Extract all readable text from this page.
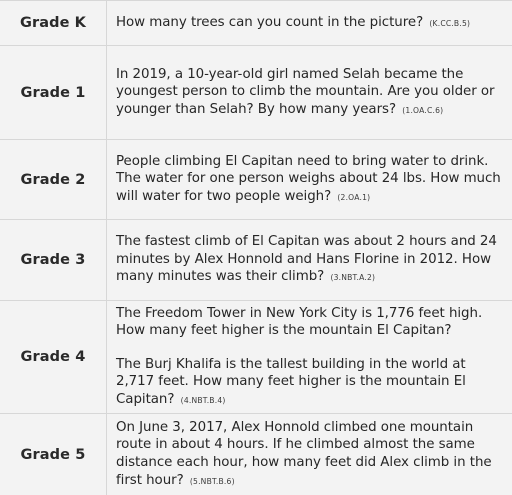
Grade K	How many trees can you count in the picture? (K.CC.B.5)

Grade 1

In 2019, a 10-year-old girl named Selah became the youngest person to climb the mountain. Are you older or younger than Selah? By how many years? (1.OA.C.6)

Grade 2

People climbing El Capitan need to bring water to drink. The water for one person weighs about 24 lbs. How much will water for two people weigh? (2.OA.1)

Grade 3

The fastest climb of El Capitan was about 2 hours and 24 minutes by Alex Honnold and Hans Florine in 2012. How many minutes was their climb? (3.NBT.A.2)

Grade 4

The Freedom Tower in New York City is 1,776 feet high. How many feet higher is the mountain El Capitan?

The Burj Khalifa is the tallest building in the world at 2,717 feet. How many feet higher is the mountain El Capitan? (4.NBT.B.4)

Grade 5

On June 3, 2017, Alex Honnold climbed one mountain route in about 4 hours. If he climbed almost the same distance each hour, how many feet did Alex climb in the first hour? (5.NBT.B.6)
